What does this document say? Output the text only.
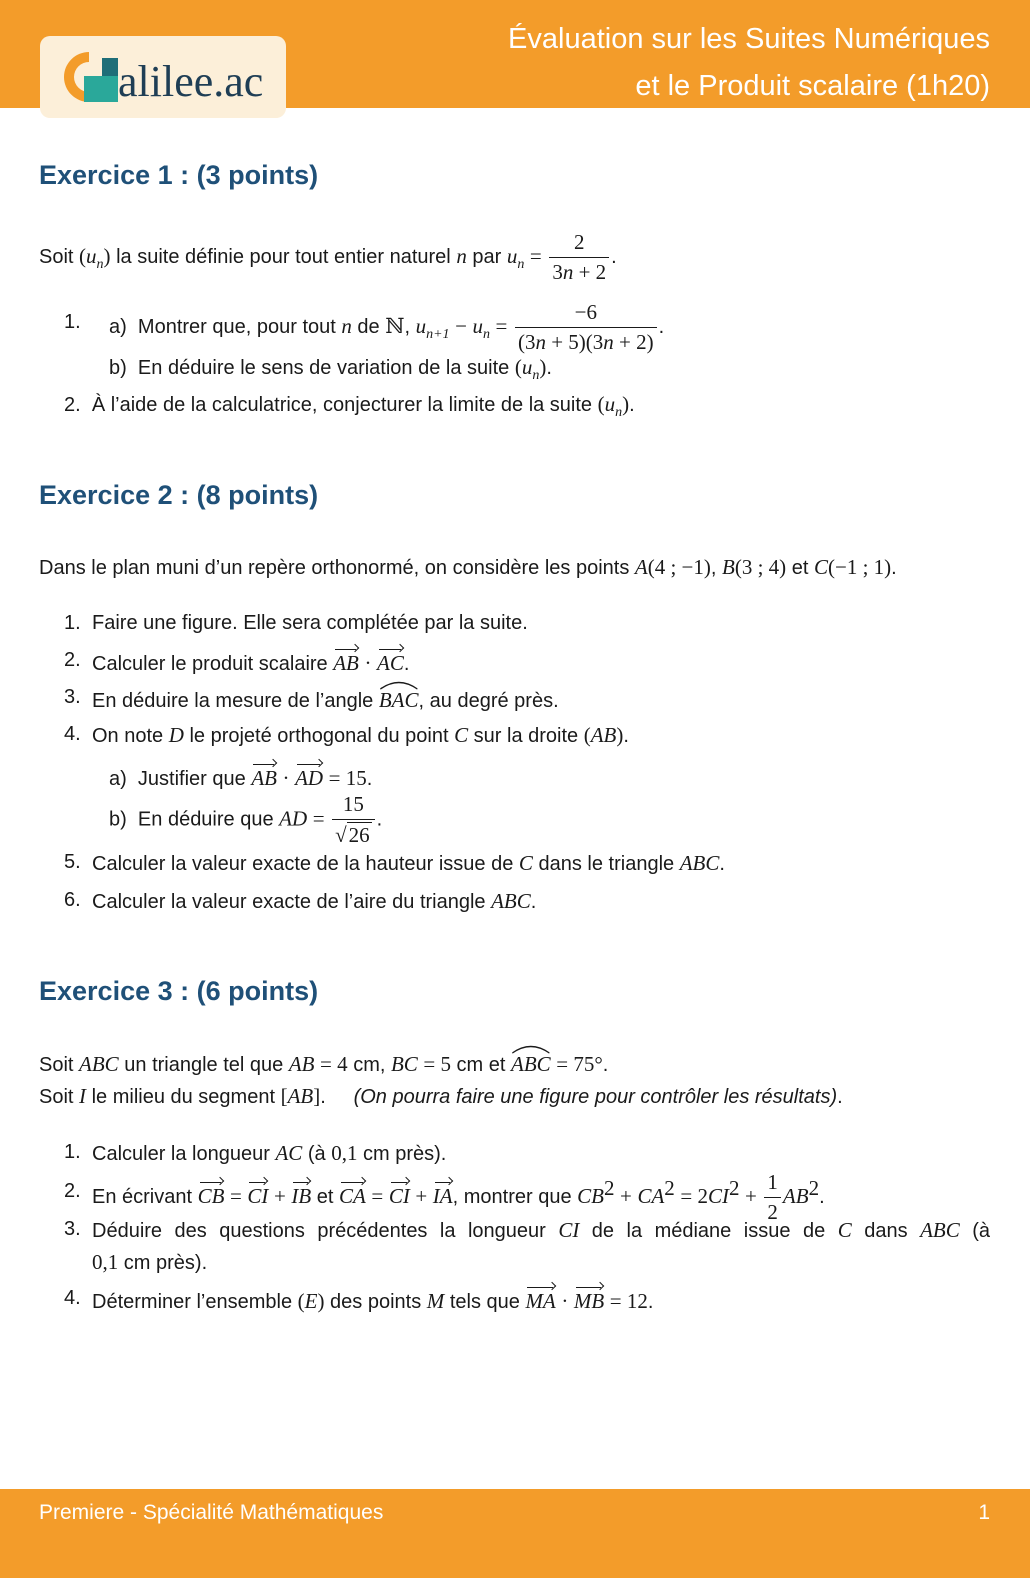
alilee.ac
Évaluation sur les Suites Numériques
et le Produit scalaire (1h20)
Exercice 1 : (3 points)
Soit $(u_n)$ la suite définie pour tout entier naturel n par $u_n = \frac{2}{3n + 2}$ .
1. a) Montrer que, pour tout n de ℕ, $u_{n+1} - u_n = \frac{-6}{(3n + 5)(3n + 2)}$ .
b) En déduire le sens de variation de la suite $(u_n)$.
2. À l’aide de la calculatrice, conjecturer la limite de la suite $(u_n)$.
Exercice 2 : (8 points)
Dans le plan muni d’un repère orthonormé, on considère les points A(4 ; −1), B(3 ; 4) et C(−1 ; 1).
1. Faire une figure. Elle sera complétée par la suite.
2. Calculer le produit scalaire AB · AC.
3. En déduire la mesure de l’angle
BAC, au degré près.
4. On note D le projeté orthogonal du point C sur la droite (AB).
a) Justifier que AB · AD = 15.
b) En déduire que AD = $\frac{15}{√26}$ .
5. Calculer la valeur exacte de la hauteur issue de C dans le triangle ABC.
6. Calculer la valeur exacte de l’aire du triangle ABC.
Exercice 3 : (6 points)
Soit ABC un triangle tel que AB = 4 cm, BC = 5 cm et
ABC = 75°.
Soit I le milieu du segment [AB].     (On pourra faire une figure pour contrôler les résultats).
1. Calculer la longueur AC (à 0,1 cm près).
2. En écrivant CB = CI + IB et CA = CI + IA, montrer que $CB^2 + CA^2 = 2CI^2 + \frac{1}{2} AB^2$.
3. Déduire des questions précédentes la longueur CI de la médiane issue de C dans ABC (à
0,1 cm près).
4. Déterminer l’ensemble (E) des points M tels que MA · MB = 12.
Premiere - Spécialité Mathématiques	1
